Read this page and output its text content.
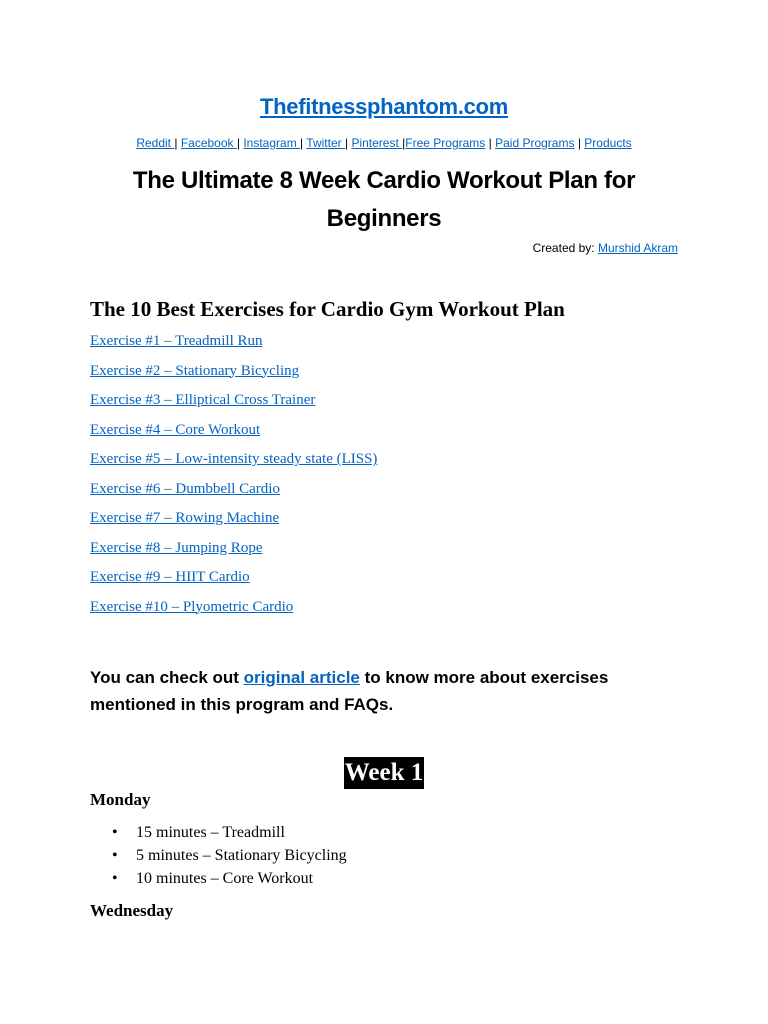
Thefitnessphantom.com
Reddit | Facebook | Instagram | Twitter | Pinterest |Free Programs | Paid Programs | Products
The Ultimate 8 Week Cardio Workout Plan for Beginners
Created by: Murshid Akram
The 10 Best Exercises for Cardio Gym Workout Plan
Exercise #1 – Treadmill Run
Exercise #2 – Stationary Bicycling
Exercise #3 – Elliptical Cross Trainer
Exercise #4 – Core Workout
Exercise #5 – Low-intensity steady state (LISS)
Exercise #6 – Dumbbell Cardio
Exercise #7 – Rowing Machine
Exercise #8 – Jumping Rope
Exercise #9 – HIIT Cardio
Exercise #10 – Plyometric Cardio
You can check out original article to know more about exercises mentioned in this program and FAQs.
Week 1
Monday
• 15 minutes – Treadmill
• 5 minutes – Stationary Bicycling
• 10 minutes – Core Workout
Wednesday
